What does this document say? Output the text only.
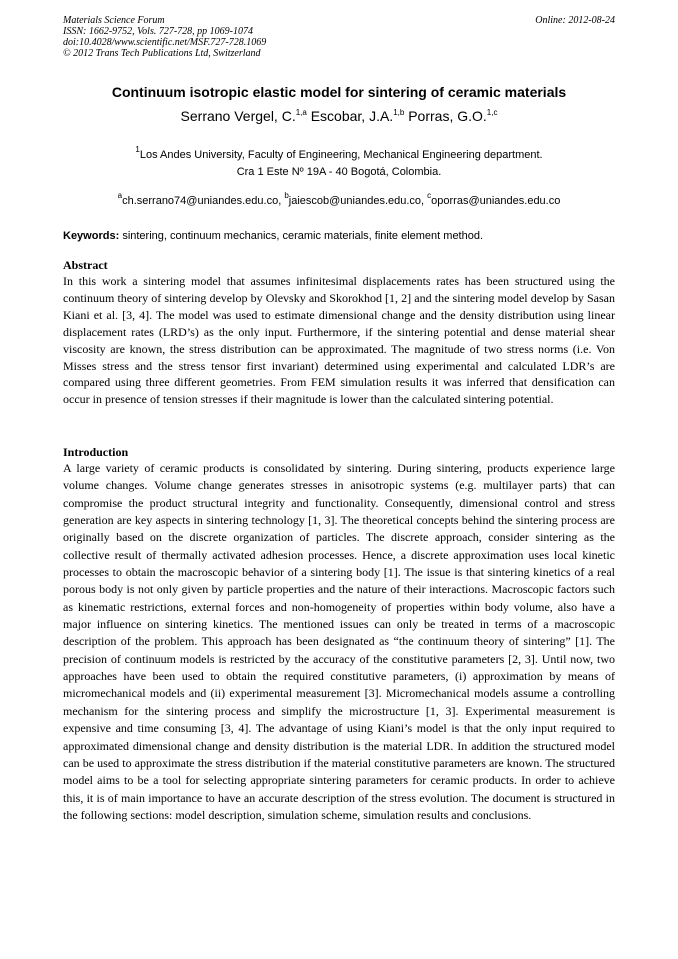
Materials Science Forum	Online: 2012-08-24
ISSN: 1662-9752, Vols. 727-728, pp 1069-1074
doi:10.4028/www.scientific.net/MSF.727-728.1069
© 2012 Trans Tech Publications Ltd, Switzerland
Continuum isotropic elastic model for sintering of ceramic materials
Serrano Vergel, C.$^{1,a}$ Escobar, J.A.$^{1,b}$ Porras, G.O.$^{1,c}$
$^1$Los Andes University, Faculty of Engineering, Mechanical Engineering department.
Cra 1 Este Nº 19A - 40 Bogotá, Colombia.
$^a$ch.serrano74@uniandes.edu.co, $^b$jaiescob@uniandes.edu.co, $^c$oporras@uniandes.edu.co
Keywords: sintering, continuum mechanics, ceramic materials, finite element method.
Abstract

In this work a sintering model that assumes infinitesimal displacements rates has been structured using the continuum theory of sintering develop by Olevsky and Skorokhod [1, 2] and the sintering model develop by Sasan Kiani et al. [3, 4]. The model was used to estimate dimensional change and the density distribution using linear displacement rates (LRD’s) as the only input. Furthermore, if the sintering potential and dense material shear viscosity are known, the stress distribution can be approximated. The magnitude of two stress norms (i.e. Von Misses stress and the stress tensor first invariant) determined using experimental and calculated LDR’s are compared using three different geometries. From FEM simulation results it was inferred that densification can occur in presence of tension stresses if their magnitude is lower than the calculated sintering potential.

Introduction

A large variety of ceramic products is consolidated by sintering. During sintering, products experience large volume changes. Volume change generates stresses in anisotropic systems (e.g. multilayer parts) that can compromise the product structural integrity and functionality. Consequently, dimensional control and stress generation are key aspects in sintering technology [1, 3]. The theoretical concepts behind the sintering process are originally based on the discrete organization of particles. The discrete approach, consider sintering as the collective result of thermally activated adhesion processes. Hence, a discrete approximation uses local kinetic processes to obtain the macroscopic behavior of a sintering body [1]. The issue is that sintering kinetics of a real porous body is not only given by particle properties and the nature of their interactions. Macroscopic factors such as kinematic restrictions, external forces and non-homogeneity of properties within body volume, also have a major influence on sintering kinetics. The mentioned issues can only be treated in terms of a macroscopic description of the problem. This approach has been designated as “the continuum theory of sintering” [1]. The precision of continuum models is restricted by the accuracy of the constitutive parameters [2, 3]. Until now, two approaches have been used to obtain the required constitutive parameters, (i) approximation by means of micromechanical models and (ii) experimental measurement [3]. Micromechanical models assume a controlling mechanism for the sintering process and simplify the microstructure [1, 3]. Experimental measurement is expensive and time consuming [3, 4]. The advantage of using Kiani’s model is that the only input required to approximated dimensional change and density distribution is the material LDR. In addition the structured model can be used to approximate the stress distribution if the material constitutive parameters are known. The structured model aims to be a tool for selecting appropriate sintering parameters for ceramic products. In order to achieve this, it is of main importance to have an accurate description of the stress evolution. The document is structured in the following sections: model description, simulation scheme, simulation results and conclusions.
